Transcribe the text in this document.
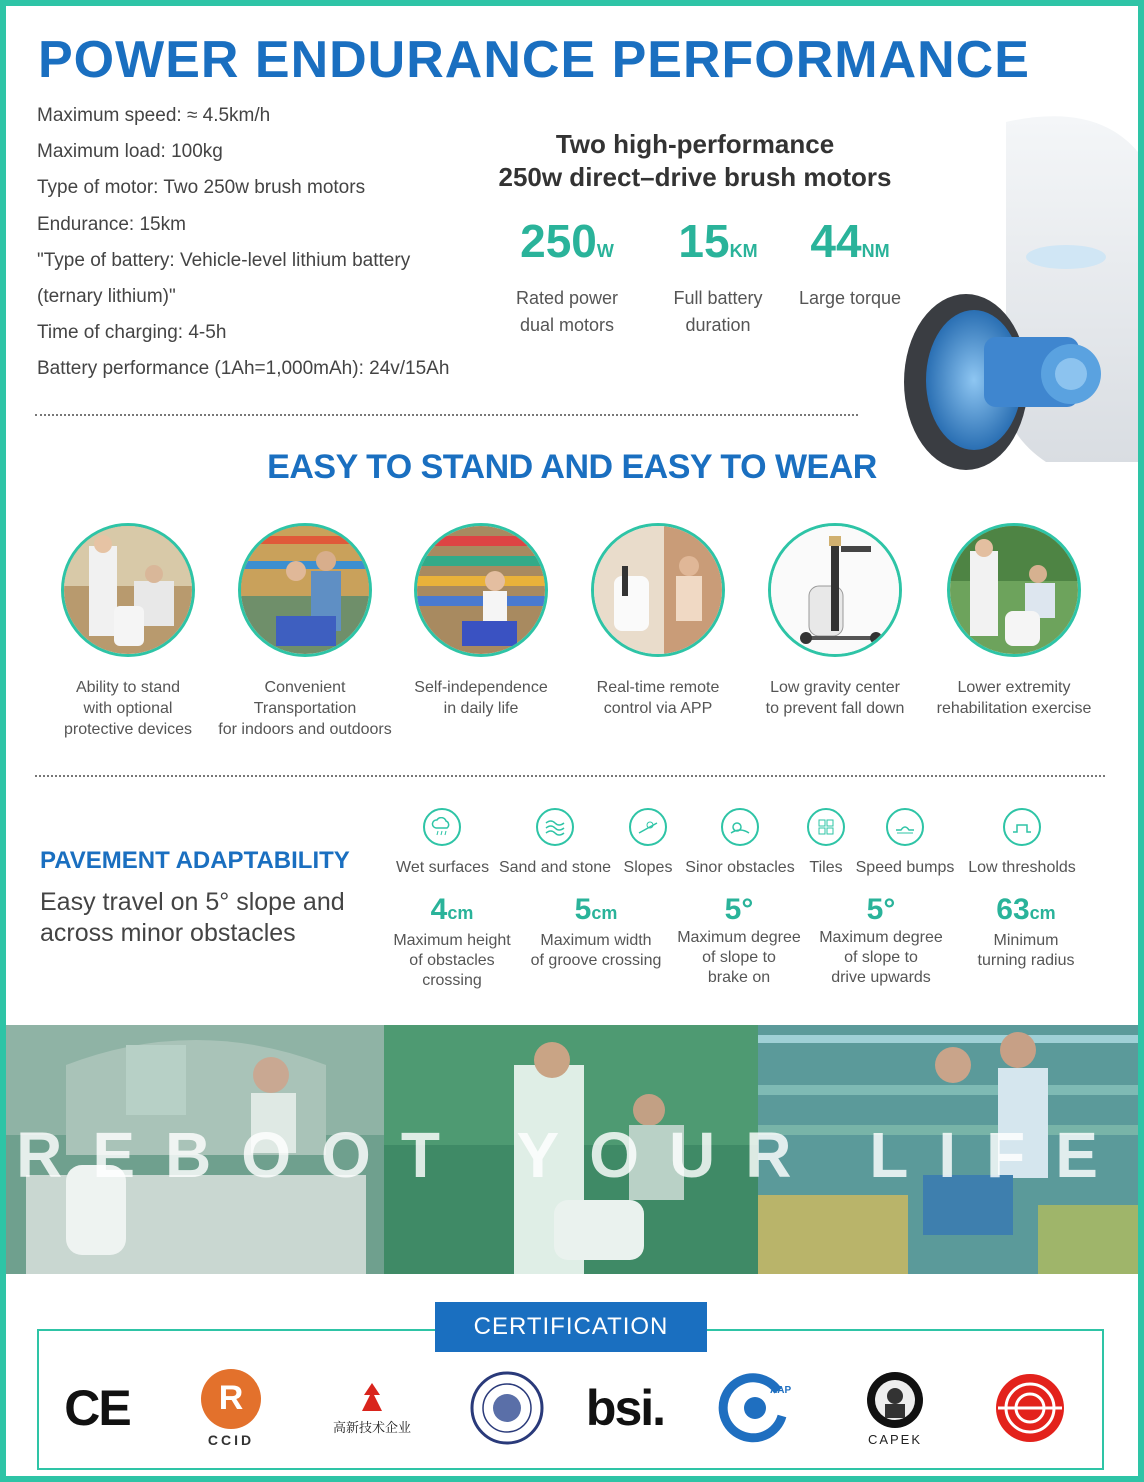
POWER ENDURANCE PERFORMANCE
Maximum speed: ≈ 4.5km/h
Maximum load: 100kg
Type of motor: Two 250w brush motors
Endurance: 15km
"Type of battery: Vehicle-level lithium battery
(ternary lithium)"
Time of charging: 4-5h
Battery performance (1Ah=1,000mAh): 24v/15Ah
Two high-performance
250w direct–drive brush motors
250W
Rated power
dual motors
15KM
Full battery
duration
44NM
Large torque
EASY TO STAND AND EASY TO WEAR
Ability to stand
with optional
protective devices
Convenient Transportation
for indoors and outdoors
Self-independence
in daily life
Real-time remote
control via APP
Low gravity center
to prevent fall down
Lower extremity
rehabilitation exercise
PAVEMENT ADAPTABILITY
Easy travel on 5° slope and
across minor obstacles
Wet surfaces Sand and stone Slopes Sinor obstacles Tiles Speed bumps Low thresholds
4cm
Maximum height
of obstacles
crossing
5cm
Maximum width
of groove crossing
5°
Maximum degree
of slope to
brake on
5°
Maximum degree
of slope to
drive upwards
63cm
Minimum
turning radius
REBOOT YOUR LIFE
CERTIFICATION
CE	R
CCID
高新技术企业	bsi.	AAP
CAPEK
